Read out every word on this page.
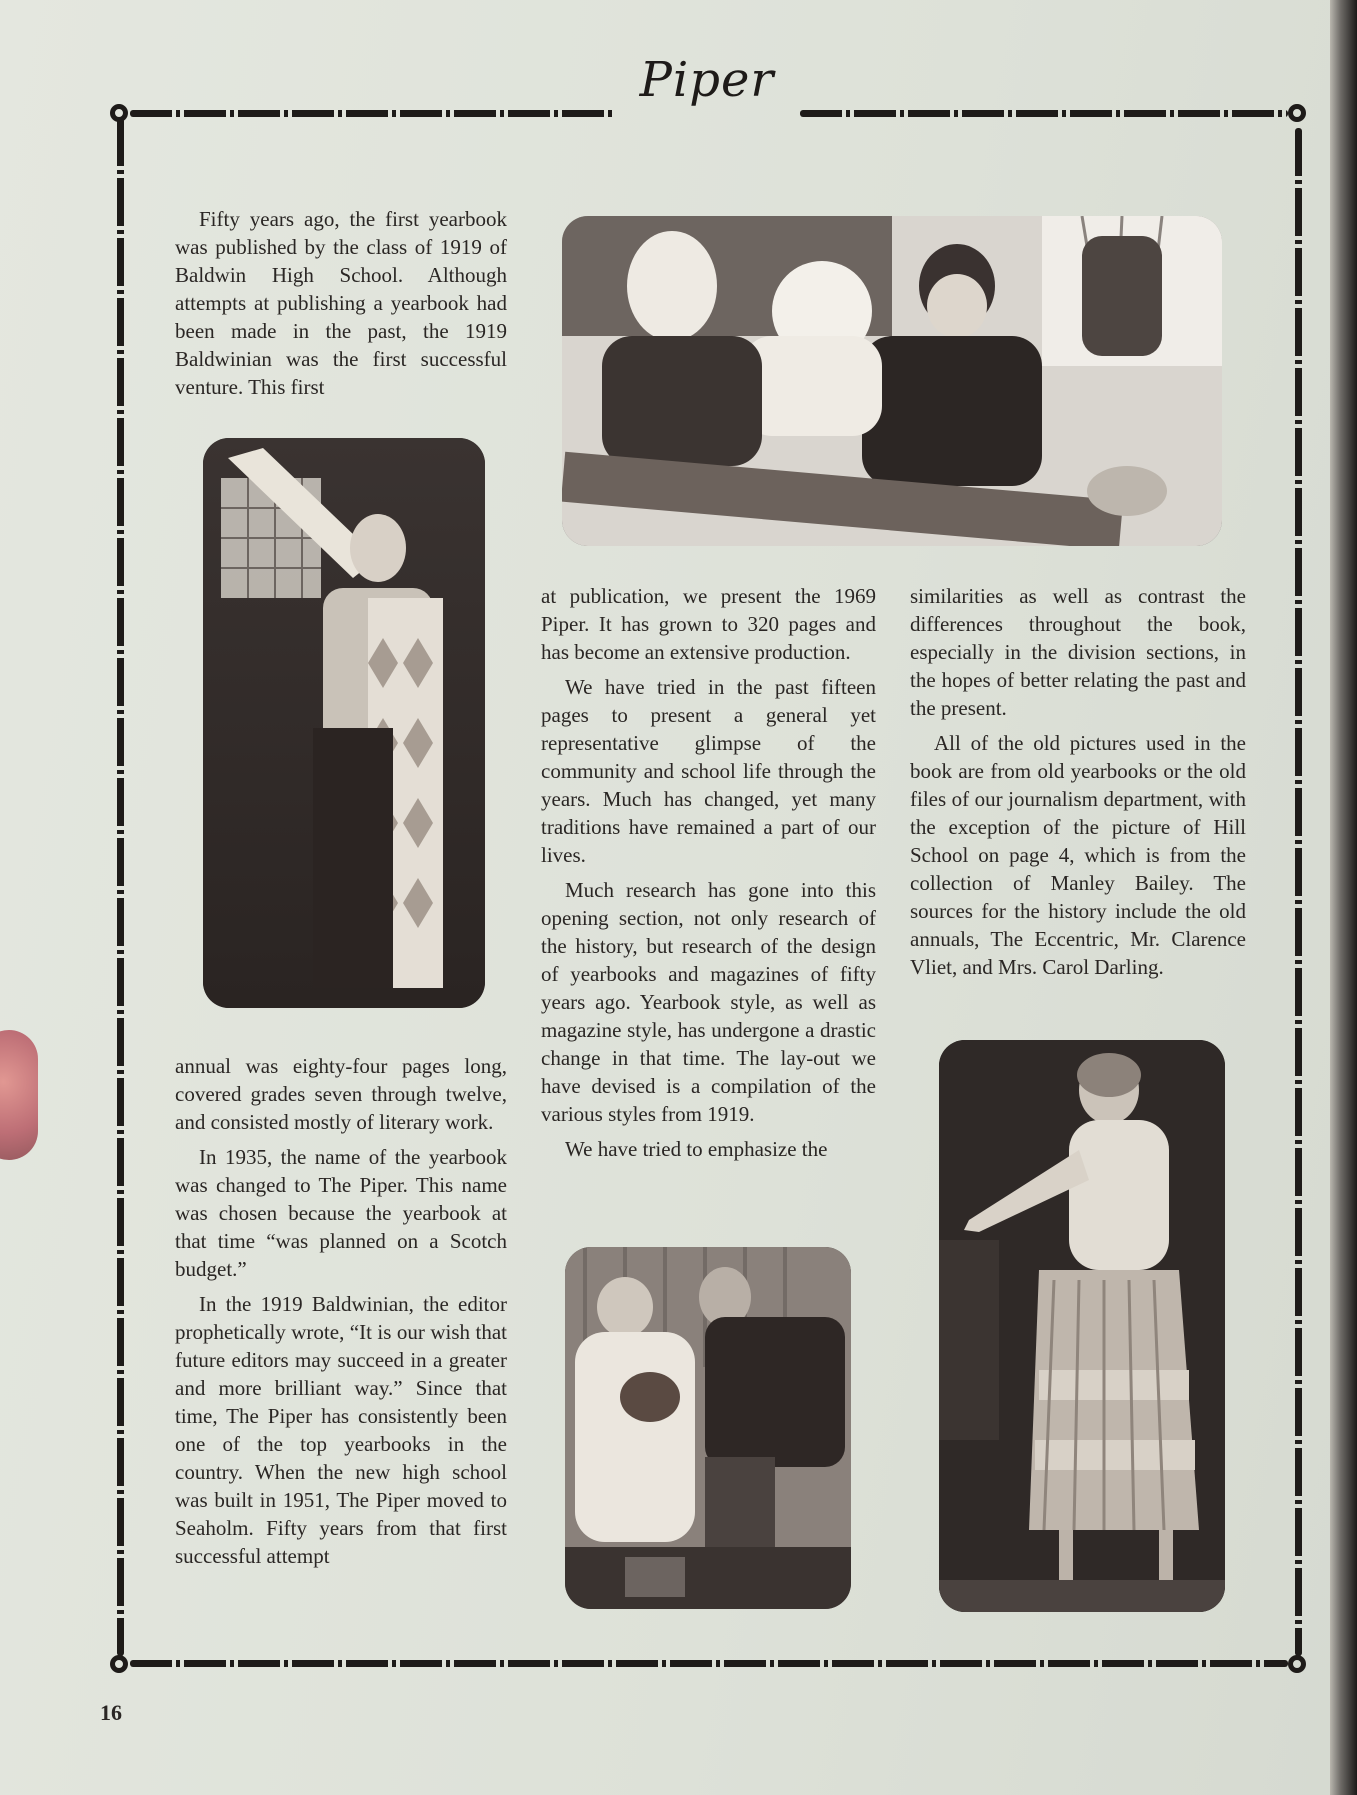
Piper

Fifty years ago, the first yearbook was published by the class of 1919 of Baldwin High School. Although attempts at publishing a yearbook had been made in the past, the 1919 Baldwinian was the first successful venture. This first

at publication, we present the 1969 Piper. It has grown to 320 pages and has become an extensive production.

We have tried in the past fifteen pages to present a general yet representative glimpse of the community and school life through the years. Much has changed, yet many traditions have remained a part of our lives.

Much research has gone into this opening section, not only research of the history, but research of the design of yearbooks and magazines of fifty years ago. Yearbook style, as well as magazine style, has undergone a drastic change in that time. The lay-out we have devised is a compilation of the various styles from 1919.

We have tried to emphasize the

similarities as well as contrast the differences throughout the book, especially in the division sections, in the hopes of better relating the past and the present.

All of the old pictures used in the book are from old yearbooks or the old files of our journalism department, with the exception of the picture of Hill School on page 4, which is from the collection of Manley Bailey. The sources for the history include the old annuals, The Eccentric, Mr. Clarence Vliet, and Mrs. Carol Darling.

annual was eighty-four pages long, covered grades seven through twelve, and consisted mostly of literary work.

In 1935, the name of the yearbook was changed to The Piper. This name was chosen because the yearbook at that time “was planned on a Scotch budget.”

In the 1919 Baldwinian, the editor prophetically wrote, “It is our wish that future editors may succeed in a greater and more brilliant way.” Since that time, The Piper has consistently been one of the top yearbooks in the country. When the new high school was built in 1951, The Piper moved to Seaholm. Fifty years from that first successful attempt

16
